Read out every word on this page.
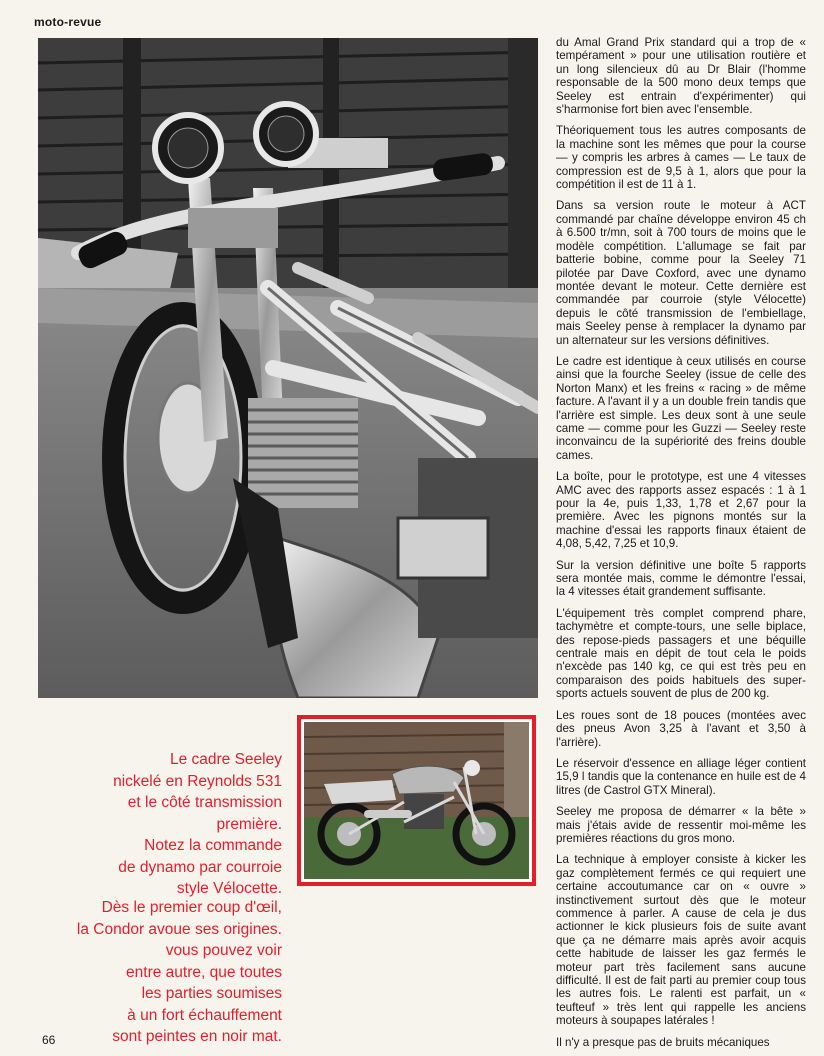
moto-revue

Le cadre Seeley
nickelé en Reynolds 531
et le côté transmission
première.
Notez la commande
de dynamo par courroie
style Vélocette.

Dès le premier coup d'œil,
la Condor avoue ses origines.
vous pouvez voir
entre autre, que toutes
les parties soumises
à un fort échauffement
sont peintes en noir mat.

66

du Amal Grand Prix standard qui a trop de « tempérament » pour une utilisation routière et un long silencieux dû au Dr Blair (l'homme responsable de la 500 mono deux temps que Seeley est entrain d'expérimenter) qui s'harmonise fort bien avec l'ensemble.

Théoriquement tous les autres composants de la machine sont les mêmes que pour la course — y compris les arbres à cames — Le taux de compression est de 9,5 à 1, alors que pour la compétition il est de 11 à 1.

Dans sa version route le moteur à ACT commandé par chaîne développe environ 45 ch à 6.500 tr/mn, soit à 700 tours de moins que le modèle compétition. L'allumage se fait par batterie bobine, comme pour la Seeley 71 pilotée par Dave Coxford, avec une dynamo montée devant le moteur. Cette dernière est commandée par courroie (style Vélocette) depuis le côté transmission de l'embiellage, mais Seeley pense à remplacer la dynamo par un alternateur sur les versions définitives.

Le cadre est identique à ceux utilisés en course ainsi que la fourche Seeley (issue de celle des Norton Manx) et les freins « racing » de même facture. A l'avant il y a un double frein tandis que l'arrière est simple. Les deux sont à une seule came — comme pour les Guzzi — Seeley reste inconvaincu de la supériorité des freins double cames.

La boîte, pour le prototype, est une 4 vitesses AMC avec des rapports assez espacés : 1 à 1 pour la 4e, puis 1,33, 1,78 et 2,67 pour la première. Avec les pignons montés sur la machine d'essai les rapports finaux étaient de 4,08, 5,42, 7,25 et 10,9.

Sur la version définitive une boîte 5 rapports sera montée mais, comme le démontre l'essai, la 4 vitesses était grandement suffisante.

L'équipement très complet comprend phare, tachymètre et compte-tours, une selle biplace, des repose-pieds passagers et une béquille centrale mais en dépit de tout cela le poids n'excède pas 140 kg, ce qui est très peu en comparaison des poids habituels des super-sports actuels souvent de plus de 200 kg.

Les roues sont de 18 pouces (montées avec des pneus Avon 3,25 à l'avant et 3,50 à l'arrière).

Le réservoir d'essence en alliage léger contient 15,9 l tandis que la contenance en huile est de 4 litres (de Castrol GTX Mineral).

Seeley me proposa de démarrer « la bête » mais j'étais avide de ressentir moi-même les premières réactions du gros mono.

La technique à employer consiste à kicker les gaz complètement fermés ce qui requiert une certaine accoutumance car on « ouvre » instinctivement surtout dès que le moteur commence à parler. A cause de cela je dus actionner le kick plusieurs fois de suite avant que ça ne démarre mais après avoir acquis cette habitude de laisser les gaz fermés le moteur part très facilement sans aucune difficulté. Il est de fait parti au premier coup tous les autres fois. Le ralenti est parfait, un « teufteuf » très lent qui rappelle les anciens moteurs à soupapes latérales !

Il n'y a presque pas de bruits mécaniques
